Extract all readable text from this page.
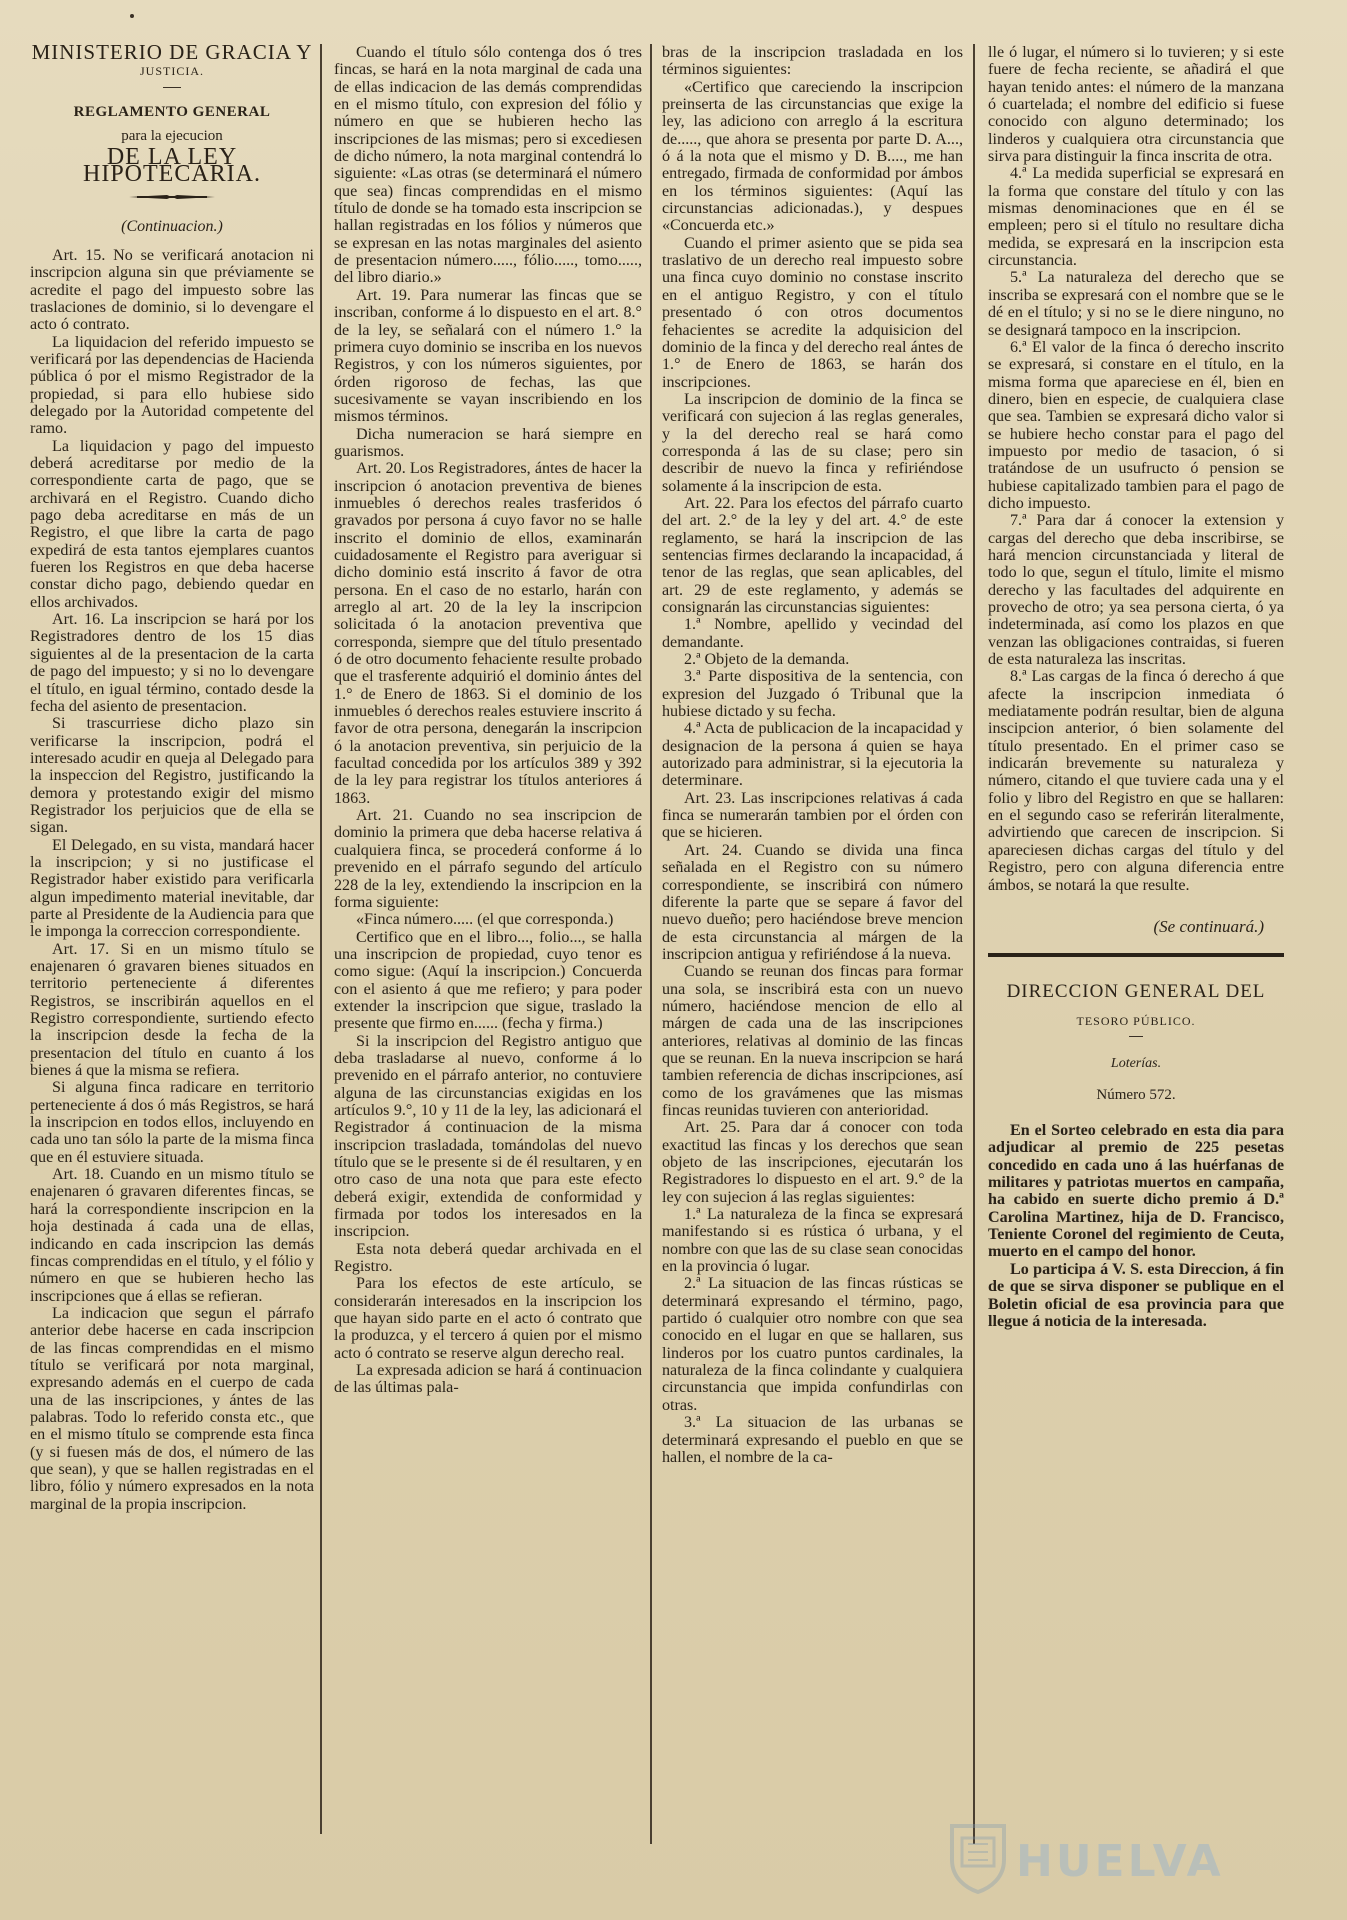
MINISTERIO DE GRACIA Y
JUSTICIA.
REGLAMENTO GENERAL
para la ejecucion
DE LA LEY HIPOTECARIA.
(Continuacion.)

Art. 15. No se verificará anotacion ni inscripcion alguna sin que préviamente se acredite el pago del impuesto sobre las traslaciones de dominio, si lo devengare el acto ó contrato.

La liquidacion del referido impuesto se verificará por las dependencias de Hacienda pública ó por el mismo Registrador de la propiedad, si para ello hubiese sido delegado por la Autoridad competente del ramo.

La liquidacion y pago del impuesto deberá acreditarse por medio de la correspondiente carta de pago, que se archivará en el Registro. Cuando dicho pago deba acreditarse en más de un Registro, el que libre la carta de pago expedirá de esta tantos ejemplares cuantos fueren los Registros en que deba hacerse constar dicho pago, debiendo quedar en ellos archivados.

Art. 16. La inscripcion se hará por los Registradores dentro de los 15 dias siguientes al de la presentacion de la carta de pago del impuesto; y si no lo devengare el título, en igual término, contado desde la fecha del asiento de presentacion.

Si trascurriese dicho plazo sin verificarse la inscripcion, podrá el interesado acudir en queja al Delegado para la inspeccion del Registro, justificando la demora y protestando exigir del mismo Registrador los perjuicios que de ella se sigan.

El Delegado, en su vista, mandará hacer la inscripcion; y si no justificase el Registrador haber existido para verificarla algun impedimento material inevitable, dar parte al Presidente de la Audiencia para que le imponga la correccion correspondiente.

Art. 17. Si en un mismo título se enajenaren ó gravaren bienes situados en territorio perteneciente á diferentes Registros, se inscribirán aquellos en el Registro correspondiente, surtiendo efecto la inscripcion desde la fecha de la presentacion del título en cuanto á los bienes á que la misma se refiera.

Si alguna finca radicare en territorio perteneciente á dos ó más Registros, se hará la inscripcion en todos ellos, incluyendo en cada uno tan sólo la parte de la misma finca que en él estuviere situada.

Art. 18. Cuando en un mismo título se enajenaren ó gravaren diferentes fincas, se hará la correspondiente inscripcion en la hoja destinada á cada una de ellas, indicando en cada inscripcion las demás fincas comprendidas en el título, y el fólio y número en que se hubieren hecho las inscripciones que á ellas se refieran.

La indicacion que segun el párrafo anterior debe hacerse en cada inscripcion de las fincas comprendidas en el mismo título se verificará por nota marginal, expresando además en el cuerpo de cada una de las inscripciones, y ántes de las palabras. Todo lo referido consta etc., que en el mismo título se comprende esta finca (y si fuesen más de dos, el número de las que sean), y que se hallen registradas en el libro, fólio y número expresados en la nota marginal de la propia inscripcion.

Cuando el título sólo contenga dos ó tres fincas, se hará en la nota marginal de cada una de ellas indicacion de las demás comprendidas en el mismo título, con expresion del fólio y número en que se hubieren hecho las inscripciones de las mismas; pero si excediesen de dicho número, la nota marginal contendrá lo siguiente: «Las otras (se determinará el número que sea) fincas comprendidas en el mismo título de donde se ha tomado esta inscripcion se hallan registradas en los fólios y números que se expresan en las notas marginales del asiento de presentacion número....., fólio....., tomo....., del libro diario.»

Art. 19. Para numerar las fincas que se inscriban, conforme á lo dispuesto en el art. 8.° de la ley, se señalará con el número 1.° la primera cuyo dominio se inscriba en los nuevos Registros, y con los números siguientes, por órden rigoroso de fechas, las que sucesivamente se vayan inscribiendo en los mismos términos.

Dicha numeracion se hará siempre en guarismos.

Art. 20. Los Registradores, ántes de hacer la inscripcion ó anotacion preventiva de bienes inmuebles ó derechos reales trasferidos ó gravados por persona á cuyo favor no se halle inscrito el dominio de ellos, examinarán cuidadosamente el Registro para averiguar si dicho dominio está inscrito á favor de otra persona. En el caso de no estarlo, harán con arreglo al art. 20 de la ley la inscripcion solicitada ó la anotacion preventiva que corresponda, siempre que del título presentado ó de otro documento fehaciente resulte probado que el trasferente adquirió el dominio ántes del 1.° de Enero de 1863. Si el dominio de los inmuebles ó derechos reales estuviere inscrito á favor de otra persona, denegarán la inscripcion ó la anotacion preventiva, sin perjuicio de la facultad concedida por los artículos 389 y 392 de la ley para registrar los títulos anteriores á 1863.

Art. 21. Cuando no sea inscripcion de dominio la primera que deba hacerse relativa á cualquiera finca, se procederá conforme á lo prevenido en el párrafo segundo del artículo 228 de la ley, extendiendo la inscripcion en la forma siguiente:

«Finca número..... (el que corresponda.)

Certifico que en el libro..., folio..., se halla una inscripcion de propiedad, cuyo tenor es como sigue: (Aquí la inscripcion.) Concuerda con el asiento á que me refiero; y para poder extender la inscripcion que sigue, traslado la presente que firmo en...... (fecha y firma.)

Si la inscripcion del Registro antiguo que deba trasladarse al nuevo, conforme á lo prevenido en el párrafo anterior, no contuviere alguna de las circunstancias exigidas en los artículos 9.°, 10 y 11 de la ley, las adicionará el Registrador á continuacion de la misma inscripcion trasladada, tomándolas del nuevo título que se le presente si de él resultaren, y en otro caso de una nota que para este efecto deberá exigir, extendida de conformidad y firmada por todos los interesados en la inscripcion.

Esta nota deberá quedar archivada en el Registro.

Para los efectos de este artículo, se considerarán interesados en la inscripcion los que hayan sido parte en el acto ó contrato que la produzca, y el tercero á quien por el mismo acto ó contrato se reserve algun derecho real.

La expresada adicion se hará á continuacion de las últimas pala-

bras de la inscripcion trasladada en los términos siguientes:

«Certifico que careciendo la inscripcion preinserta de las circunstancias que exige la ley, las adiciono con arreglo á la escritura de....., que ahora se presenta por parte D. A..., ó á la nota que el mismo y D. B...., me han entregado, firmada de conformidad por ámbos en los términos siguientes: (Aquí las circunstancias adicionadas.), y despues «Concuerda etc.»

Cuando el primer asiento que se pida sea traslativo de un derecho real impuesto sobre una finca cuyo dominio no constase inscrito en el antiguo Registro, y con el título presentado ó con otros documentos fehacientes se acredite la adquisicion del dominio de la finca y del derecho real ántes de 1.° de Enero de 1863, se harán dos inscripciones.

La inscripcion de dominio de la finca se verificará con sujecion á las reglas generales, y la del derecho real se hará como corresponda á las de su clase; pero sin describir de nuevo la finca y refiriéndose solamente á la inscripcion de esta.

Art. 22. Para los efectos del párrafo cuarto del art. 2.° de la ley y del art. 4.° de este reglamento, se hará la inscripcion de las sentencias firmes declarando la incapacidad, á tenor de las reglas, que sean aplicables, del art. 29 de este reglamento, y además se consignarán las circunstancias siguientes:

1.ª Nombre, apellido y vecindad del demandante.

2.ª Objeto de la demanda.

3.ª Parte dispositiva de la sentencia, con expresion del Juzgado ó Tribunal que la hubiese dictado y su fecha.

4.ª Acta de publicacion de la incapacidad y designacion de la persona á quien se haya autorizado para administrar, si la ejecutoria la determinare.

Art. 23. Las inscripciones relativas á cada finca se numerarán tambien por el órden con que se hicieren.

Art. 24. Cuando se divida una finca señalada en el Registro con su número correspondiente, se inscribirá con número diferente la parte que se separe á favor del nuevo dueño; pero haciéndose breve mencion de esta circunstancia al márgen de la inscripcion antigua y refiriéndose á la nueva.

Cuando se reunan dos fincas para formar una sola, se inscribirá esta con un nuevo número, haciéndose mencion de ello al márgen de cada una de las inscripciones anteriores, relativas al dominio de las fincas que se reunan. En la nueva inscripcion se hará tambien referencia de dichas inscripciones, así como de los gravámenes que las mismas fincas reunidas tuvieren con anterioridad.

Art. 25. Para dar á conocer con toda exactitud las fincas y los derechos que sean objeto de las inscripciones, ejecutarán los Registradores lo dispuesto en el art. 9.° de la ley con sujecion á las reglas siguientes:

1.ª La naturaleza de la finca se expresará manifestando si es rústica ó urbana, y el nombre con que las de su clase sean conocidas en la provincia ó lugar.

2.ª La situacion de las fincas rústicas se determinará expresando el término, pago, partido ó cualquier otro nombre con que sea conocido en el lugar en que se hallaren, sus linderos por los cuatro puntos cardinales, la naturaleza de la finca colindante y cualquiera circunstancia que impida confundirlas con otras.

3.ª La situacion de las urbanas se determinará expresando el pueblo en que se hallen, el nombre de la ca-

lle ó lugar, el número si lo tuvieren; y si este fuere de fecha reciente, se añadirá el que hayan tenido antes: el número de la manzana ó cuartelada; el nombre del edificio si fuese conocido con alguno determinado; los linderos y cualquiera otra circunstancia que sirva para distinguir la finca inscrita de otra.

4.ª La medida superficial se expresará en la forma que constare del título y con las mismas denominaciones que en él se empleen; pero si el título no resultare dicha medida, se expresará en la inscripcion esta circunstancia.

5.ª La naturaleza del derecho que se inscriba se expresará con el nombre que se le dé en el título; y si no se le diere ninguno, no se designará tampoco en la inscripcion.

6.ª El valor de la finca ó derecho inscrito se expresará, si constare en el título, en la misma forma que apareciese en él, bien en dinero, bien en especie, de cualquiera clase que sea. Tambien se expresará dicho valor si se hubiere hecho constar para el pago del impuesto por medio de tasacion, ó si tratándose de un usufructo ó pension se hubiese capitalizado tambien para el pago de dicho impuesto.

7.ª Para dar á conocer la extension y cargas del derecho que deba inscribirse, se hará mencion circunstanciada y literal de todo lo que, segun el título, limite el mismo derecho y las facultades del adquirente en provecho de otro; ya sea persona cierta, ó ya indeterminada, así como los plazos en que venzan las obligaciones contraidas, si fueren de esta naturaleza las inscritas.

8.ª Las cargas de la finca ó derecho á que afecte la inscripcion inmediata ó mediatamente podrán resultar, bien de alguna inscipcion anterior, ó bien solamente del título presentado. En el primer caso se indicarán brevemente su naturaleza y número, citando el que tuviere cada una y el folio y libro del Registro en que se hallaren: en el segundo caso se referirán literalmente, advirtiendo que carecen de inscripcion. Si apareciesen dichas cargas del título y del Registro, pero con alguna diferencia entre ámbos, se notará la que resulte.

(Se continuará.)
DIRECCION GENERAL DEL
TESORO PÚBLICO.
Loterías.
Número 572.

En el Sorteo celebrado en esta dia para adjudicar al premio de 225 pesetas concedido en cada uno á las huérfanas de militares y patriotas muertos en campaña, ha cabido en suerte dicho premio á D.ª Carolina Martinez, hija de D. Francisco, Teniente Coronel del regimiento de Ceuta, muerto en el campo del honor.

Lo participa á V. S. esta Direccion, á fin de que se sirva disponer se publique en el Boletin oficial de esa provincia para que llegue á noticia de la interesada.

HUELVA
